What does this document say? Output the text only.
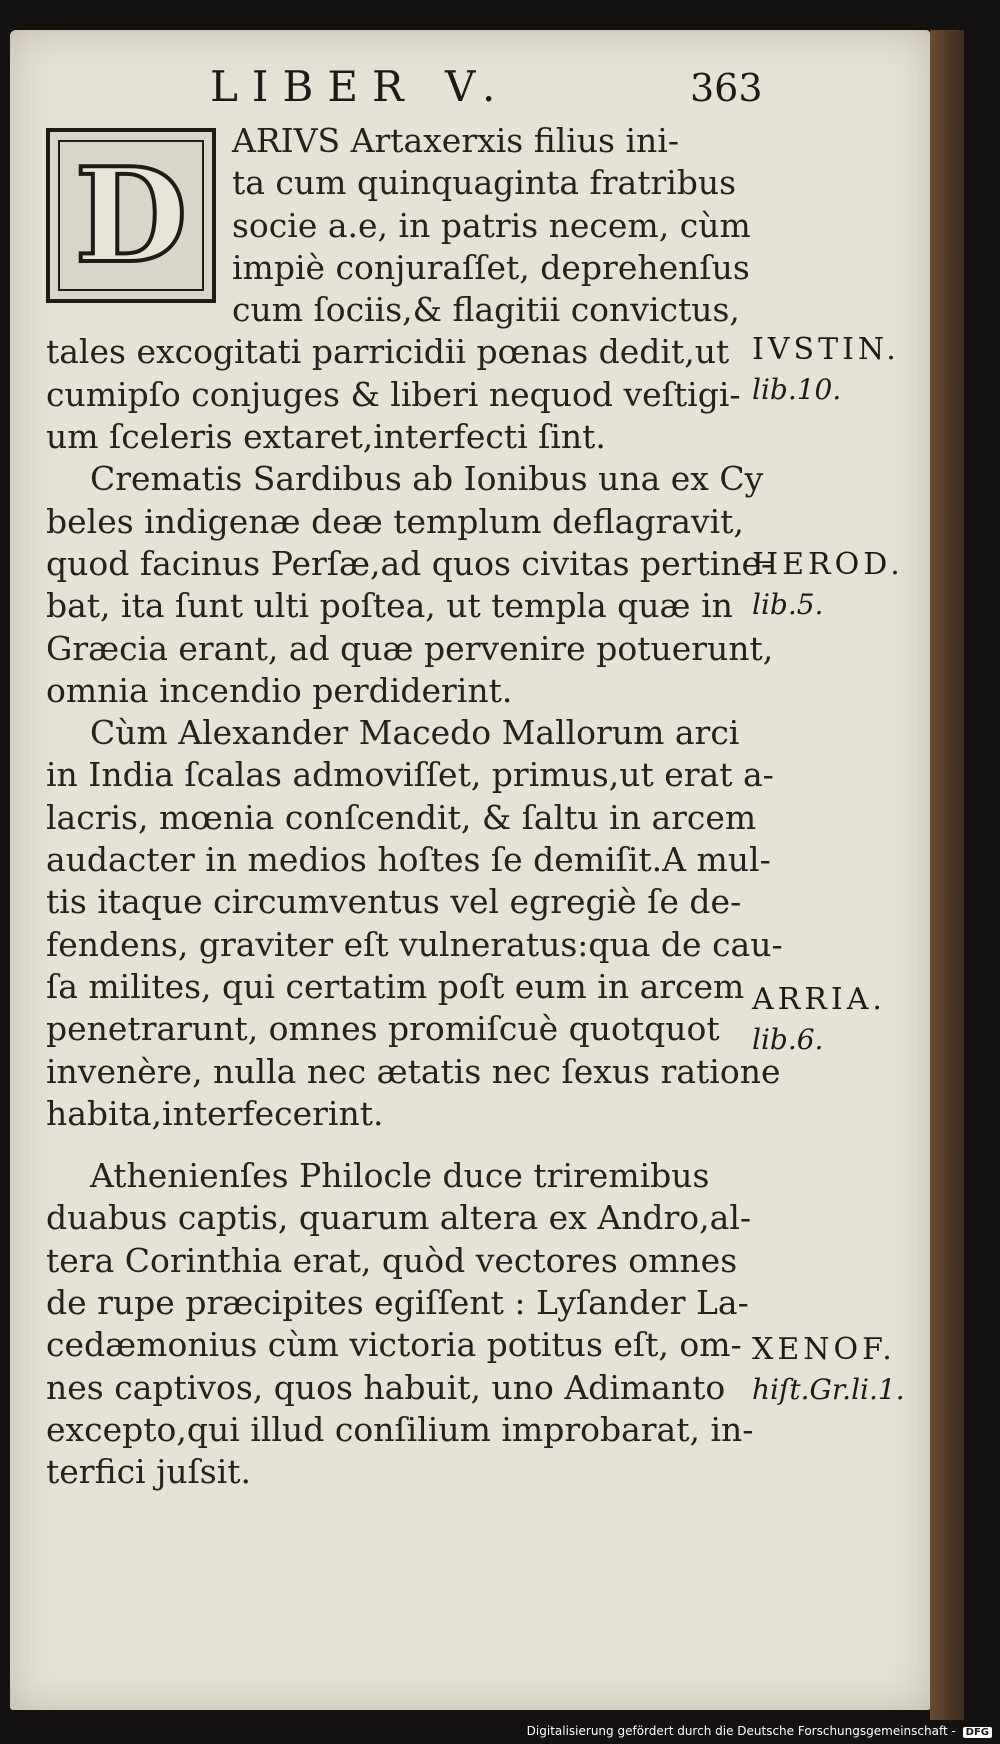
LIBER V.	363
D	ARIVS Artaxerxis filius ini-
ta cum quinquaginta fratribus
socie a.e, in patris necem, cùm
impiè conjuraſſet, deprehenſus
cum ſociis,& flagitii convictus,
tales excogitati parricidii pœnas dedit,ut
cumipſo conjuges & liberi nequod veſtigi-
um ſceleris extaret,interfecti ſint.
Crematis Sardibus ab Ionibus una ex Cy
beles indigenæ deæ templum deflagravit,
quod facinus Perſæ,ad quos civitas pertine-
bat, ita ſunt ulti poſtea, ut templa quæ in
Græcia erant, ad quæ pervenire potuerunt,
omnia incendio perdiderint.
Cùm Alexander Macedo Mallorum arci
in India ſcalas admoviſſet, primus,ut erat a-
lacris, mœnia conſcendit, & ſaltu in arcem
audacter in medios hoſtes ſe demiſit.A mul-
tis itaque circumventus vel egregiè ſe de-
fendens, graviter eſt vulneratus:qua de cau-
ſa milites, qui certatim poſt eum in arcem
penetrarunt, omnes promiſcuè quotquot
invenère, nulla nec ætatis nec ſexus ratione
habita,interfecerint.
Athenienſes Philocle duce triremibus
duabus captis, quarum altera ex Andro,al-
tera Corinthia erat, quòd vectores omnes
de rupe præcipites egiſſent : Lyſander La-
cedæmonius cùm victoria potitus eſt, om-
nes captivos, quos habuit, uno Adimanto
excepto,qui illud conſilium improbarat, in-
terfici juſsit.
IVSTIN.
lib.10.
HEROD.
lib.5.
ARRIA.
lib.6.
XENOF.
hiſt.Gr.li.1.
Digitalisierung gefördert durch die Deutsche Forschungsgemeinschaft - DFG
